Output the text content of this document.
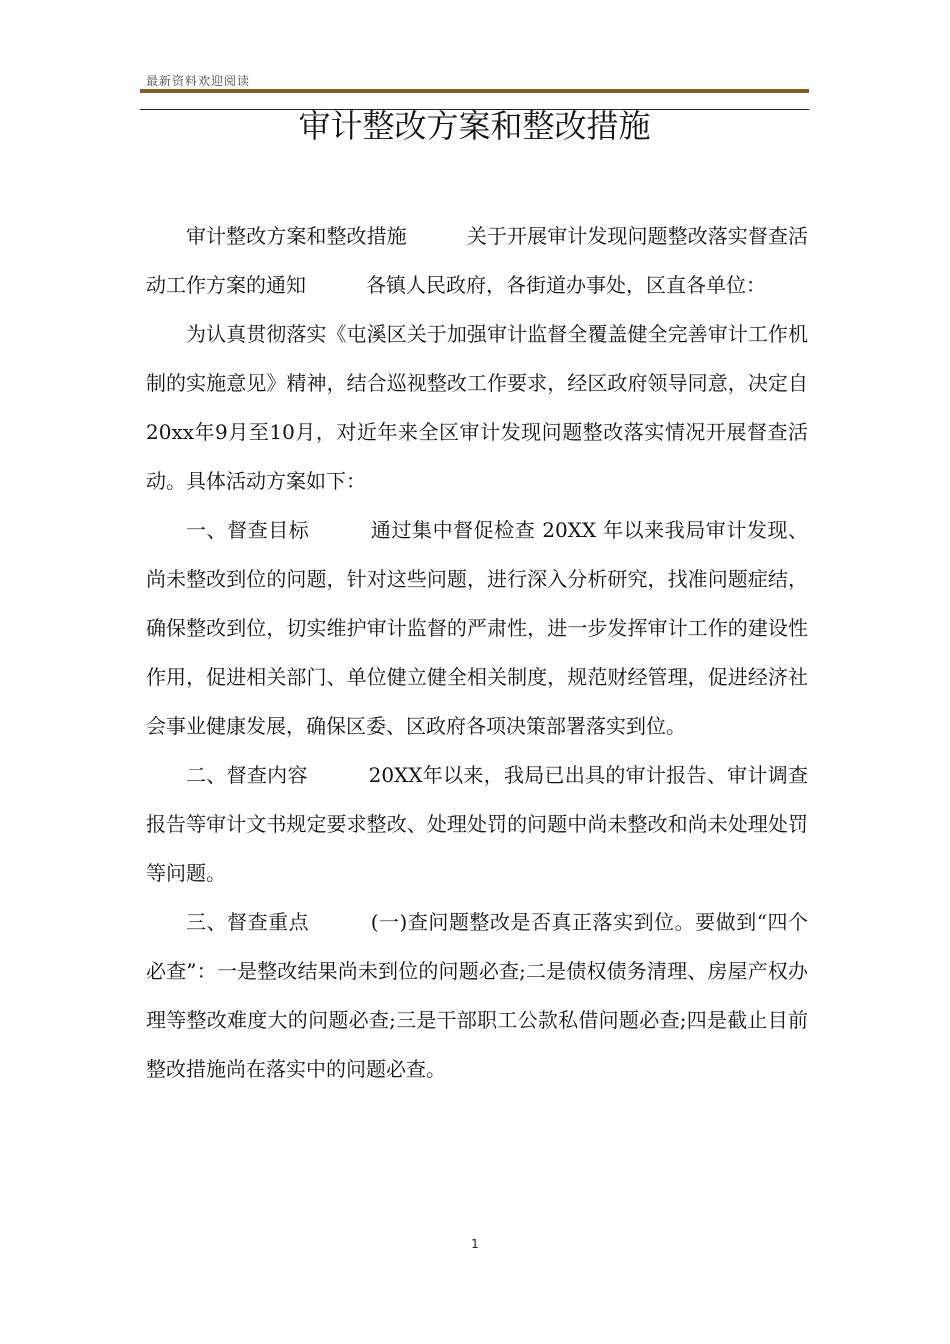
最新资料欢迎阅读
审计整改方案和整改措施

审计整改方案和整改措施　　　关于开展审计发现问题整改落实督查活动工作方案的通知　　　各镇人民政府，各街道办事处，区直各单位：

为认真贯彻落实《屯溪区关于加强审计监督全覆盖健全完善审计工作机制的实施意见》精神，结合巡视整改工作要求，经区政府领导同意，决定自20xx年9月至10月，对近年来全区审计发现问题整改落实情况开展督查活动。具体活动方案如下：

一、督查目标　　　通过集中督促检查 20XX 年以来我局审计发现、尚未整改到位的问题，针对这些问题，进行深入分析研究，找准问题症结，确保整改到位，切实维护审计监督的严肃性，进一步发挥审计工作的建设性作用，促进相关部门、单位健立健全相关制度，规范财经管理，促进经济社会事业健康发展，确保区委、区政府各项决策部署落实到位。

二、督查内容　　　20XX年以来，我局已出具的审计报告、审计调查报告等审计文书规定要求整改、处理处罚的问题中尚未整改和尚未处理处罚等问题。

三、督查重点　　　(一)查问题整改是否真正落实到位。要做到“四个必查”：一是整改结果尚未到位的问题必查;二是债权债务清理、房屋产权办理等整改难度大的问题必查;三是干部职工公款私借问题必查;四是截止目前整改措施尚在落实中的问题必查。

1
